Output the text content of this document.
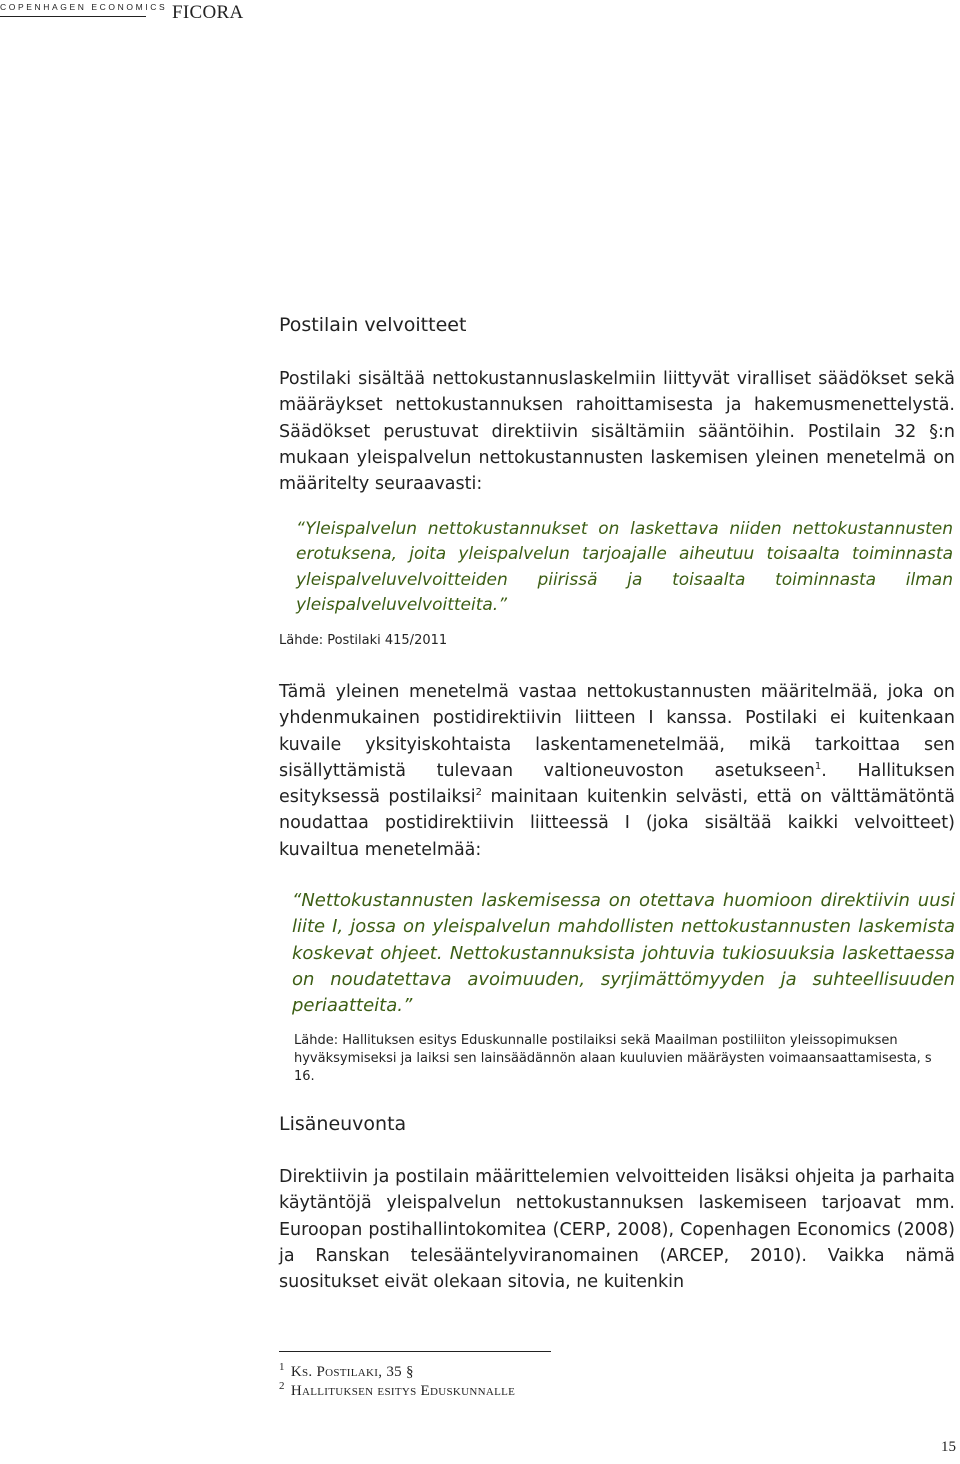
COPENHAGEN ECONOMICS FICORA
Postilain velvoitteet

Postilaki sisältää nettokustannuslaskelmiin liittyvät viralliset säädökset sekä määräykset nettokustannuksen rahoittamisesta ja hakemusmenettelystä. Säädökset perustuvat direktiivin sisältämiin sääntöihin. Postilain 32 §:n mukaan yleispalvelun nettokustannusten laskemisen yleinen menetelmä on määritelty seuraavasti:

“Yleispalvelun nettokustannukset on laskettava niiden nettokustannusten erotuksena, joita yleispalvelun tarjoajalle aiheutuu toisaalta toiminnasta yleispalveluvelvoitteiden piirissä ja toisaalta toiminnasta ilman yleispalveluvelvoitteita.”

Lähde: Postilaki 415/2011

Tämä yleinen menetelmä vastaa nettokustannusten määritelmää, joka on yhdenmukainen postidirektiivin liitteen I kanssa. Postilaki ei kuitenkaan kuvaile yksityiskohtaista laskentamenetelmää, mikä tarkoittaa sen sisällyttämistä tulevaan valtioneuvoston asetukseen$^1$. Hallituksen esityksessä postilaiksi$^2$ mainitaan kuitenkin selvästi, että on välttämätöntä noudattaa postidirektiivin liitteessä I (joka sisältää kaikki velvoitteet) kuvailtua menetelmää:

“Nettokustannusten laskemisessa on otettava huomioon direktiivin uusi liite I, jossa on yleispalvelun mahdollisten nettokustannusten laskemista koskevat ohjeet. Nettokustannuksista johtuvia tukiosuuksia laskettaessa on noudatettava avoimuuden, syrjimättömyyden ja suhteellisuuden periaatteita.”

Lähde: Hallituksen esitys Eduskunnalle postilaiksi sekä Maailman postiliiton yleissopimuksen hyväksymiseksi ja laiksi sen lainsäädännön alaan kuuluvien määräysten voimaansaattamisesta, s 16.

Lisäneuvonta

Direktiivin ja postilain määrittelemien velvoitteiden lisäksi ohjeita ja parhaita käytäntöjä yleispalvelun nettokustannuksen laskemiseen tarjoavat mm. Euroopan postihallintokomitea (CERP, 2008), Copenhagen Economics (2008) ja Ranskan telesääntelyviranomainen (ARCEP, 2010). Vaikka nämä suositukset eivät olekaan sitovia, ne kuitenkin

$^1$ Ks. Postilaki, 35 §
$^2$ Hallituksen esitys Eduskunnalle
15
